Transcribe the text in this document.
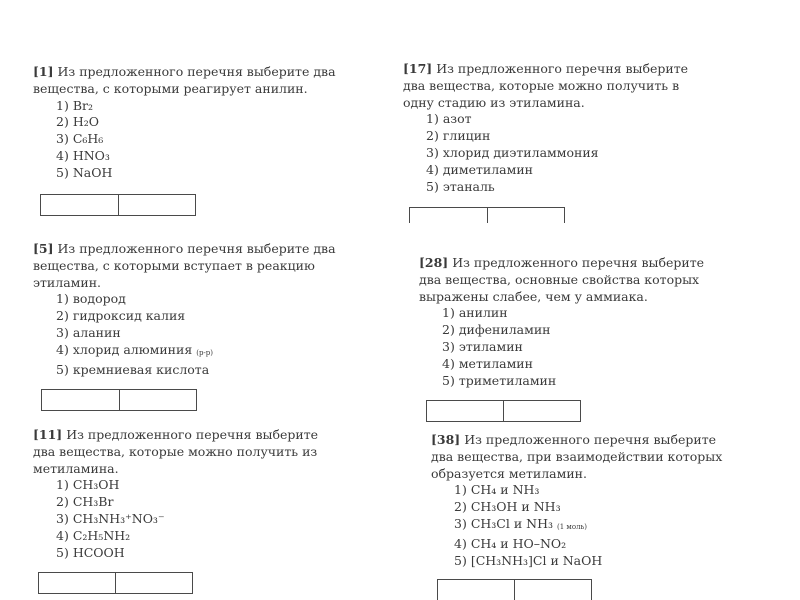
[1] Из предложенного перечня выберите два
вещества, с которыми реагирует анилин.

1) Br₂
2) H₂O
3) C₆H₆
4) HNO₃
5) NaOH

[5] Из предложенного перечня выберите два
вещества, с которыми вступает в реакцию
этиламин.

1) водород
2) гидроксид калия
3) аланин
4) хлорид алюминия (р-р)
5) кремниевая кислота

[11] Из предложенного перечня выберите
два вещества, которые можно получить из
метиламина.

1) CH₃OH
2) CH₃Br
3) CH₃NH₃⁺NO₃⁻
4) C₂H₅NH₂
5) HCOOH

[17] Из предложенного перечня выберите
два вещества, которые можно получить в
одну стадию из этиламина.

1) азот
2) глицин
3) хлорид диэтиламмония
4) диметиламин
5) этаналь

[28] Из предложенного перечня выберите
два вещества, основные свойства которых
выражены слабее, чем у аммиака.

1) анилин
2) дифениламин
3) этиламин
4) метиламин
5) триметиламин

[38] Из предложенного перечня выберите
два вещества, при взаимодействии которых
образуется метиламин.

1) CH₄ и NH₃
2) CH₃OH и NH₃
3) CH₃Cl и NH₃ (1 моль)
4) CH₄ и HO–NO₂
5) [CH₃NH₃]Cl и NaOH
